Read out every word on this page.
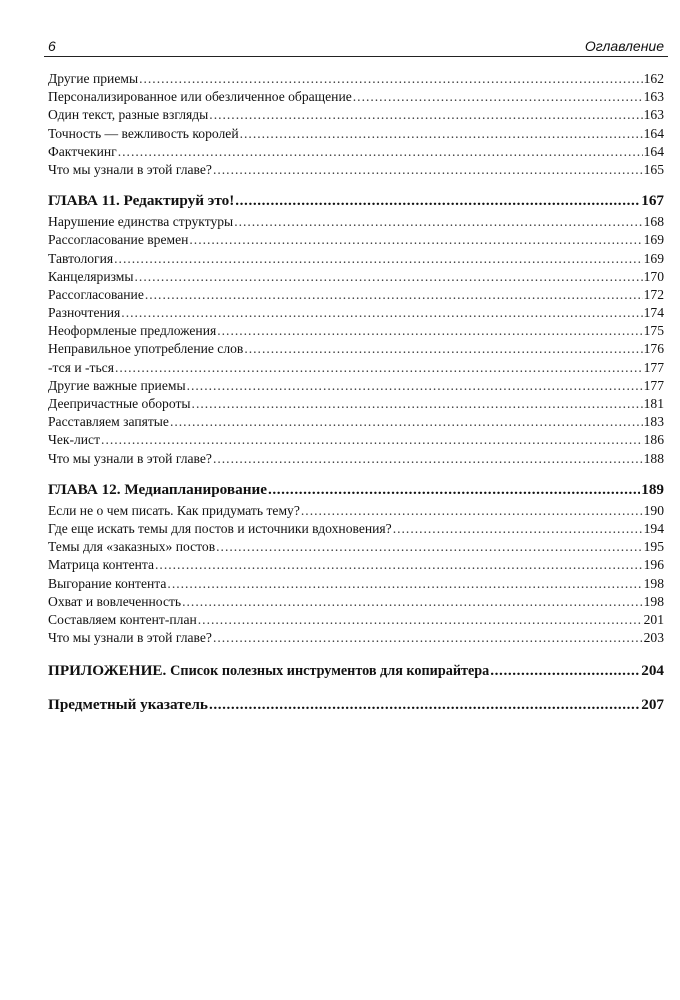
6	Оглавление
Другие приемы .....	162
Персонализированное или обезличенное обращение .....	163
Один текст, разные взгляды .....	163
Точность — вежливость королей .....	164
Фактчекинг .....	164
Что мы узнали в этой главе? .....	165
ГЛАВА 11. Редактируй это! .....	167
Нарушение единства структуры .....	168
Рассогласование времен .....	169
Тавтология .....	169
Канцеляризмы .....	170
Рассогласование .....	172
Разночтения .....	174
Неоформленые предложения .....	175
Неправильное употребление слов .....	176
-тся и -ться .....	177
Другие важные приемы .....	177
Деепричастные обороты .....	181
Расставляем запятые .....	183
Чек-лист .....	186
Что мы узнали в этой главе? .....	188
ГЛАВА 12. Медиапланирование .....	189
Если не о чем писать. Как придумать тему? .....	190
Где еще искать темы для постов и источники вдохновения? .....	194
Темы для «заказных» постов .....	195
Матрица контента .....	196
Выгорание контента .....	198
Охват и вовлеченность .....	198
Составляем контент-план .....	201
Что мы узнали в этой главе? .....	203
ПРИЛОЖЕНИЕ. Список полезных инструментов для копирайтера .....	204
Предметный указатель .....	207
